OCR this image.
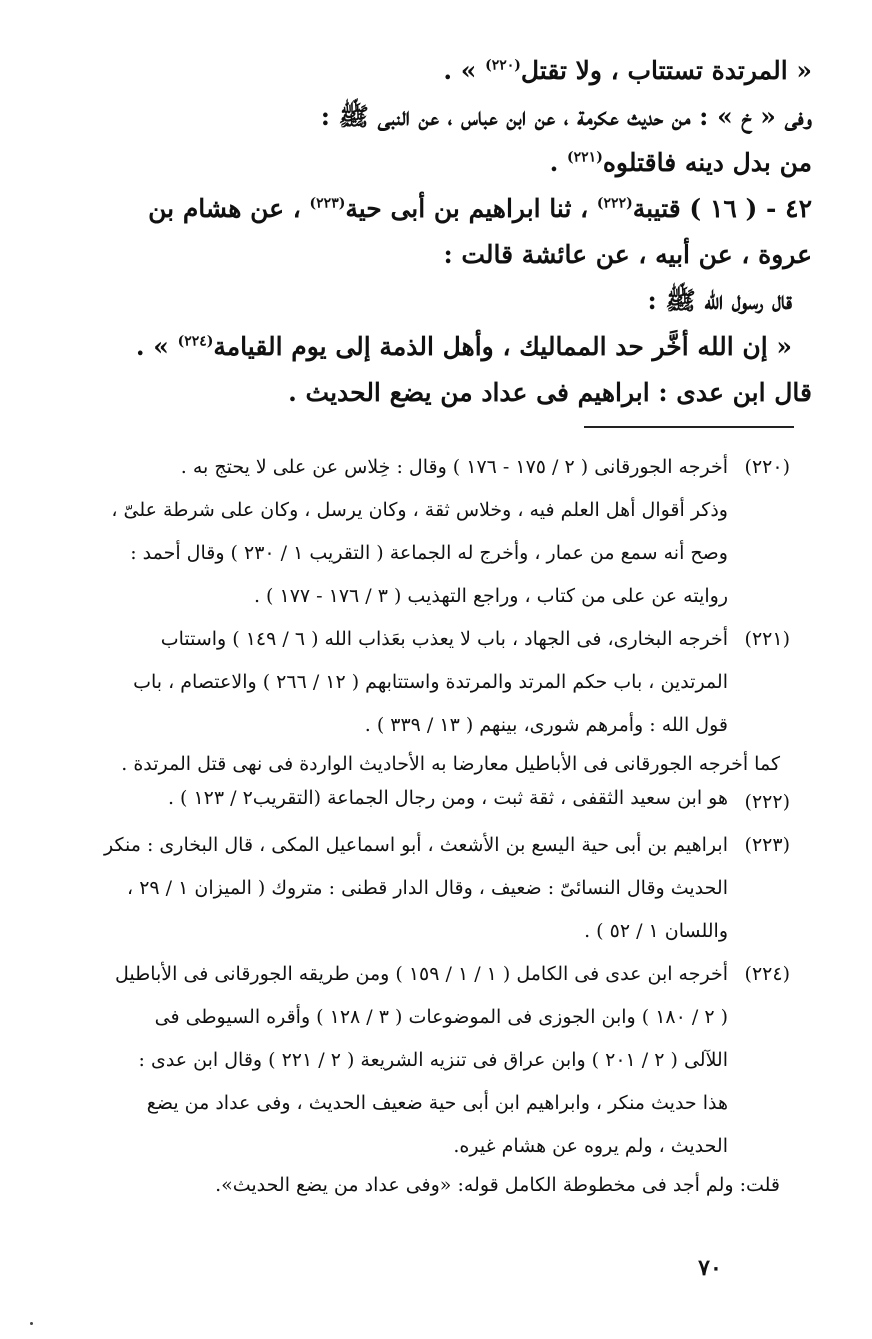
« المرتدة تستتاب ، ولا تقتل$^{(٢٢٠)}$ » .
وفى « خ » : من حديث عكرمة ، عن ابن عباس ، عن النبى ﷺ :
من بدل دينه فاقتلوه$^{(٢٢١)}$ .
٤٢ - ( ١٦ ) قتيبة$^{(٢٢٢)}$ ، ثنا ابراهيم بن أبى حية$^{(٢٢٣)}$ ، عن هشام بن
عروة ، عن أبيه ، عن عائشة قالت :
قال رسول الله ﷺ :
« إن الله أخَّر حد المماليك ، وأهل الذمة إلى يوم القيامة$^{(٢٢٤)}$ » .
قال ابن عدى : ابراهيم فى عداد من يضع الحديث .
(٢٢٠)
أخرجه الجورقانى ( ٢ / ١٧٥ - ١٧٦ ) وقال : خِلاس عن على لا يحتج به .
وذكر أقوال أهل العلم فيه ، وخلاس ثقة ، وكان يرسل ، وكان على شرطة علىّ ،
وصح أنه سمع من عمار ، وأخرج له الجماعة ( التقريب ١ / ٢٣٠ ) وقال أحمد :
روايته عن على من كتاب ، وراجع التهذيب ( ٣ / ١٧٦ - ١٧٧ ) .
(٢٢١)
أخرجه البخارى، فى الجهاد ، باب لا يعذب بعَذاب الله ( ٦ / ١٤٩ ) واستتاب
المرتدين ، باب حكم المرتد والمرتدة واستتابهم ( ١٢ / ٢٦٦ ) والاعتصام ، باب
قول الله : وأمرهم شورى، بينهم ( ١٣ / ٣٣٩ ) .
كما أخرجه الجورقانى فى الأباطيل معارضا به الأحاديث الواردة فى نهى قتل المرتدة .
(٢٢٢)
هو ابن سعيد الثقفى ، ثقة ثبت ، ومن رجال الجماعة (التقريب٢ / ١٢٣ ) .
(٢٢٣)
ابراهيم بن أبى حية اليسع بن الأشعث ، أبو اسماعيل المكى ، قال البخارى : منكر
الحديث وقال النسائىّ : ضعيف ، وقال الدار قطنى : متروك ( الميزان ١ / ٢٩ ،
واللسان ١ / ٥٢ ) .
(٢٢٤)
أخرجه ابن عدى فى الكامل ( ١ / ١ / ١٥٩ ) ومن طريقه الجورقانى فى الأباطيل
( ٢ / ١٨٠ ) وابن الجوزى فى الموضوعات ( ٣ / ١٢٨ ) وأقره السيوطى فى
اللآلى ( ٢ / ٢٠١ ) وابن عراق فى تنزيه الشريعة ( ٢ / ٢٢١ ) وقال ابن عدى :
هذا حديث منكر ، وابراهيم ابن أبى حية ضعيف الحديث ، وفى عداد من يضع
الحديث ، ولم يروه عن هشام غيره.
قلت: ولم أجد فى مخطوطة الكامل قوله: «وفى عداد من يضع الحديث».
٧٠
